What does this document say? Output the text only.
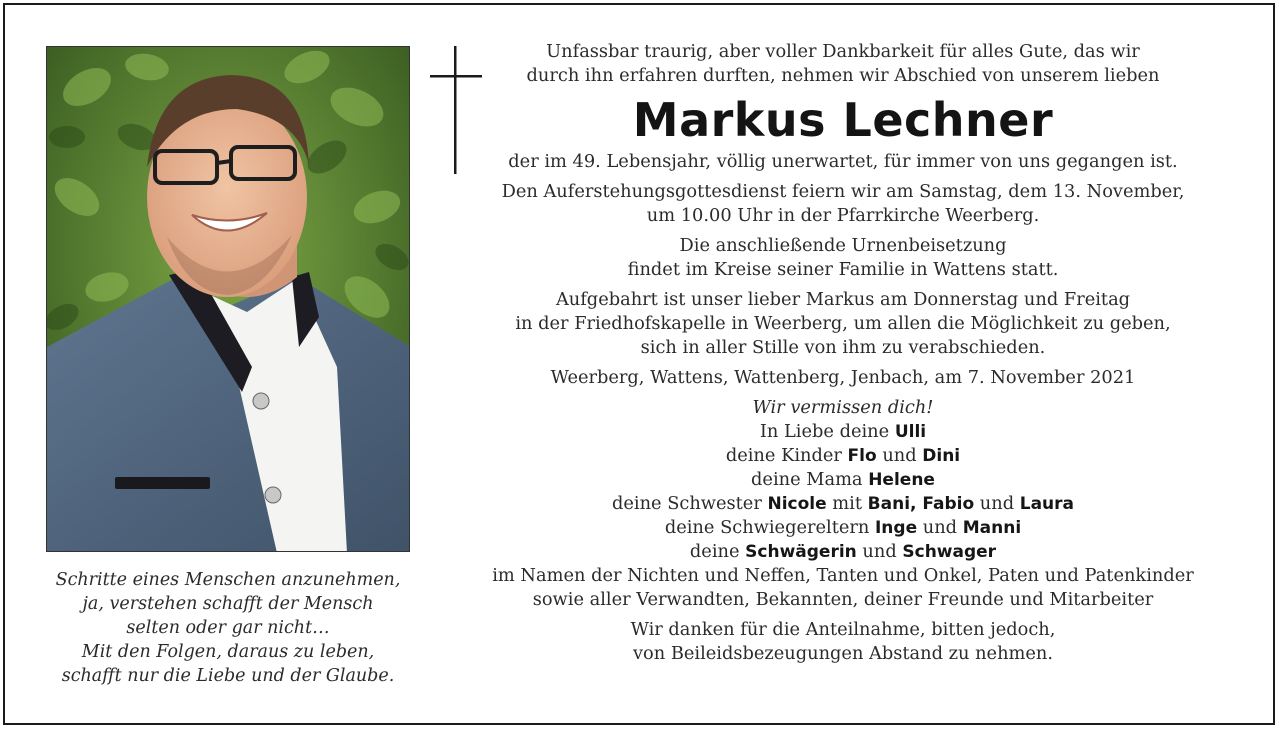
Schritte eines Menschen anzunehmen,
ja, verstehen schafft der Mensch
selten oder gar nicht…
Mit den Folgen, daraus zu leben,
schafft nur die Liebe und der Glaube.
Unfassbar traurig, aber voller Dankbarkeit für alles Gute, das wir
durch ihn erfahren durften, nehmen wir Abschied von unserem lieben
Markus Lechner
der im 49. Lebensjahr, völlig unerwartet, für immer von uns gegangen ist.
Den Auferstehungsgottesdienst feiern wir am Samstag, dem 13. November,
um 10.00 Uhr in der Pfarrkirche Weerberg.
Die anschließende Urnenbeisetzung
findet im Kreise seiner Familie in Wattens statt.
Aufgebahrt ist unser lieber Markus am Donnerstag und Freitag
in der Friedhofskapelle in Weerberg, um allen die Möglichkeit zu geben,
sich in aller Stille von ihm zu verabschieden.
Weerberg, Wattens, Wattenberg, Jenbach, am 7. November 2021
Wir vermissen dich!
In Liebe deine Ulli
deine Kinder Flo und Dini
deine Mama Helene
deine Schwester Nicole mit Bani, Fabio und Laura
deine Schwiegereltern Inge und Manni
deine Schwägerin und Schwager
im Namen der Nichten und Neffen, Tanten und Onkel, Paten und Patenkinder
sowie aller Verwandten, Bekannten, deiner Freunde und Mitarbeiter
Wir danken für die Anteilnahme, bitten jedoch,
von Beileidsbezeugungen Abstand zu nehmen.
